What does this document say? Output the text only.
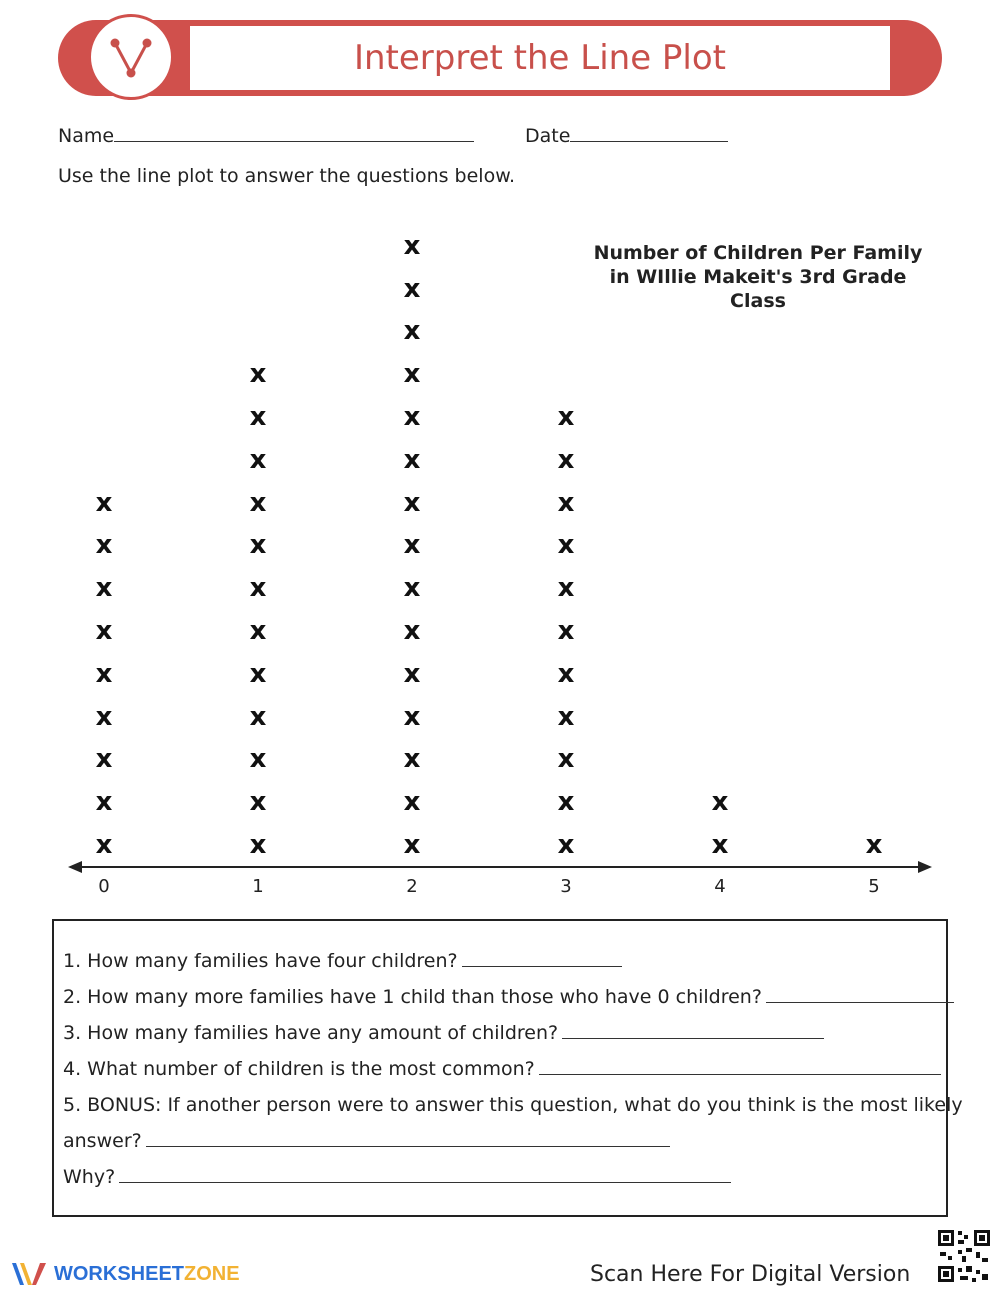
Interpret the Line Plot
Name	Date
Use the line plot to answer the questions below.
Number of Children Per Family
in WIllie Makeit's 3rd Grade Class
x
x
x
x
x
x
x
x
x
0
x
x
x
x
x
x
x
x
x
x
x
x
1
x
x
x
x
x
x
x
x
x
x
x
x
x
x
x
2
x
x
x
x
x
x
x
x
x
x
x
3
x
x
4
x
5
1. How many families have four children?
2. How many more families have 1 child than those who have 0 children?
3. How many families have any amount of children?
4. What number of children is the most common?
5. BONUS: If another person were to answer this question, what do you think is the most likely
answer?
Why?
WORKSHEETZONE	Scan Here For Digital Version
